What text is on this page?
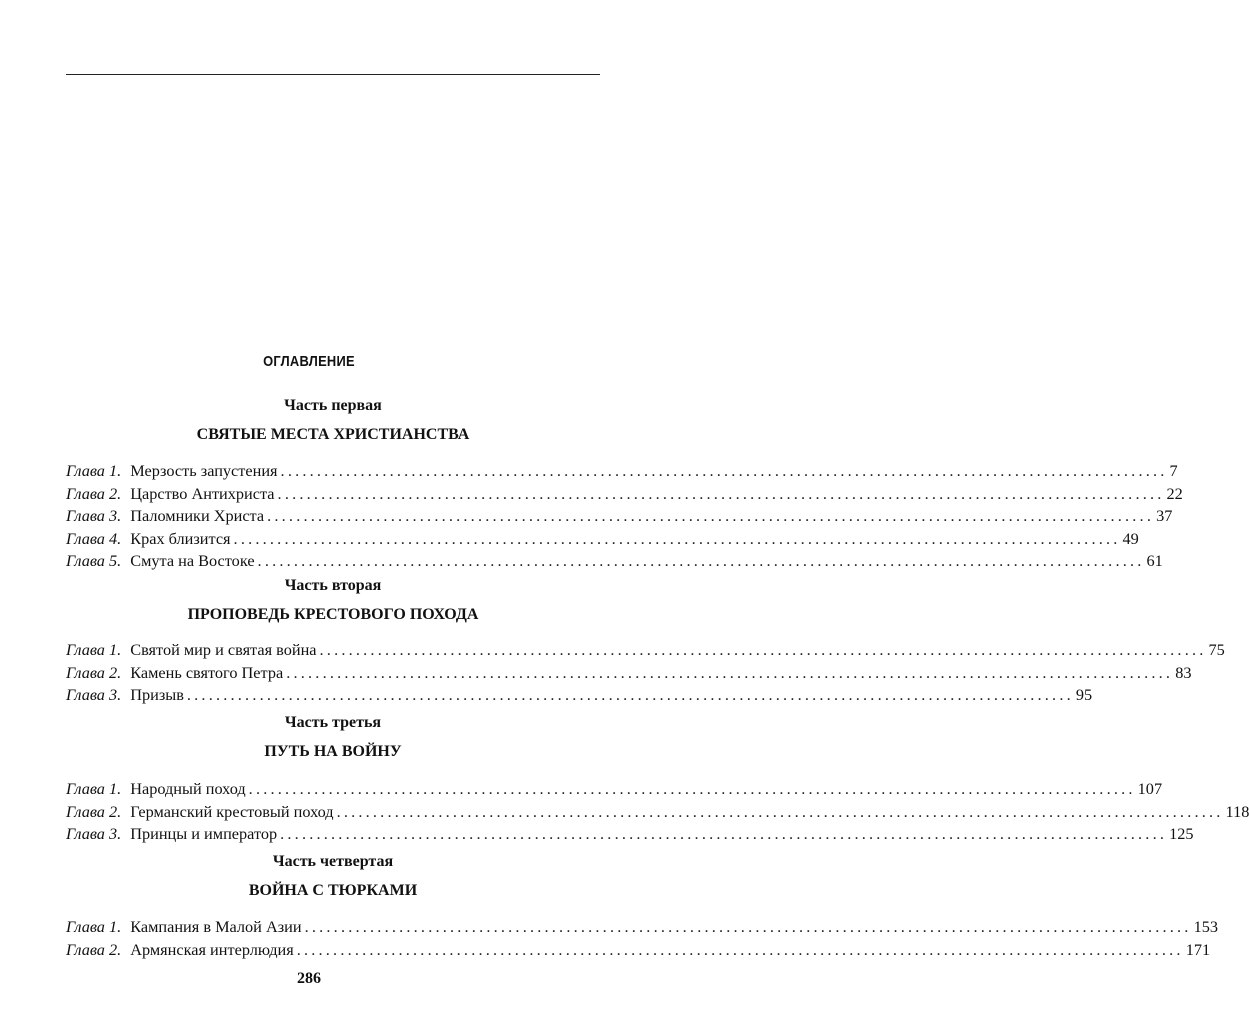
ОГЛАВЛЕНИЕ
Часть первая
СВЯТЫЕ МЕСТА ХРИСТИАНСТВА
Глава 1. Мерзость запустения .......................................................................................................................... 7
Глава 2. Царство Антихриста .......................................................................................................................... 22
Глава 3. Паломники Христа .......................................................................................................................... 37
Глава 4. Крах близится .......................................................................................................................... 49
Глава 5. Смута на Востоке .......................................................................................................................... 61
Часть вторая
ПРОПОВЕДЬ КРЕСТОВОГО ПОХОДА
Глава 1. Святой мир и святая война .......................................................................................................................... 75
Глава 2. Камень святого Петра .......................................................................................................................... 83
Глава 3. Призыв .......................................................................................................................... 95
Часть третья
ПУТЬ НА ВОЙНУ
Глава 1. Народный поход .......................................................................................................................... 107
Глава 2. Германский крестовый поход .......................................................................................................................... 118
Глава 3. Принцы и император .......................................................................................................................... 125
Часть четвертая
ВОЙНА С ТЮРКАМИ
Глава 1. Кампания в Малой Азии .......................................................................................................................... 153
Глава 2. Армянская интерлюдия .......................................................................................................................... 171
286
